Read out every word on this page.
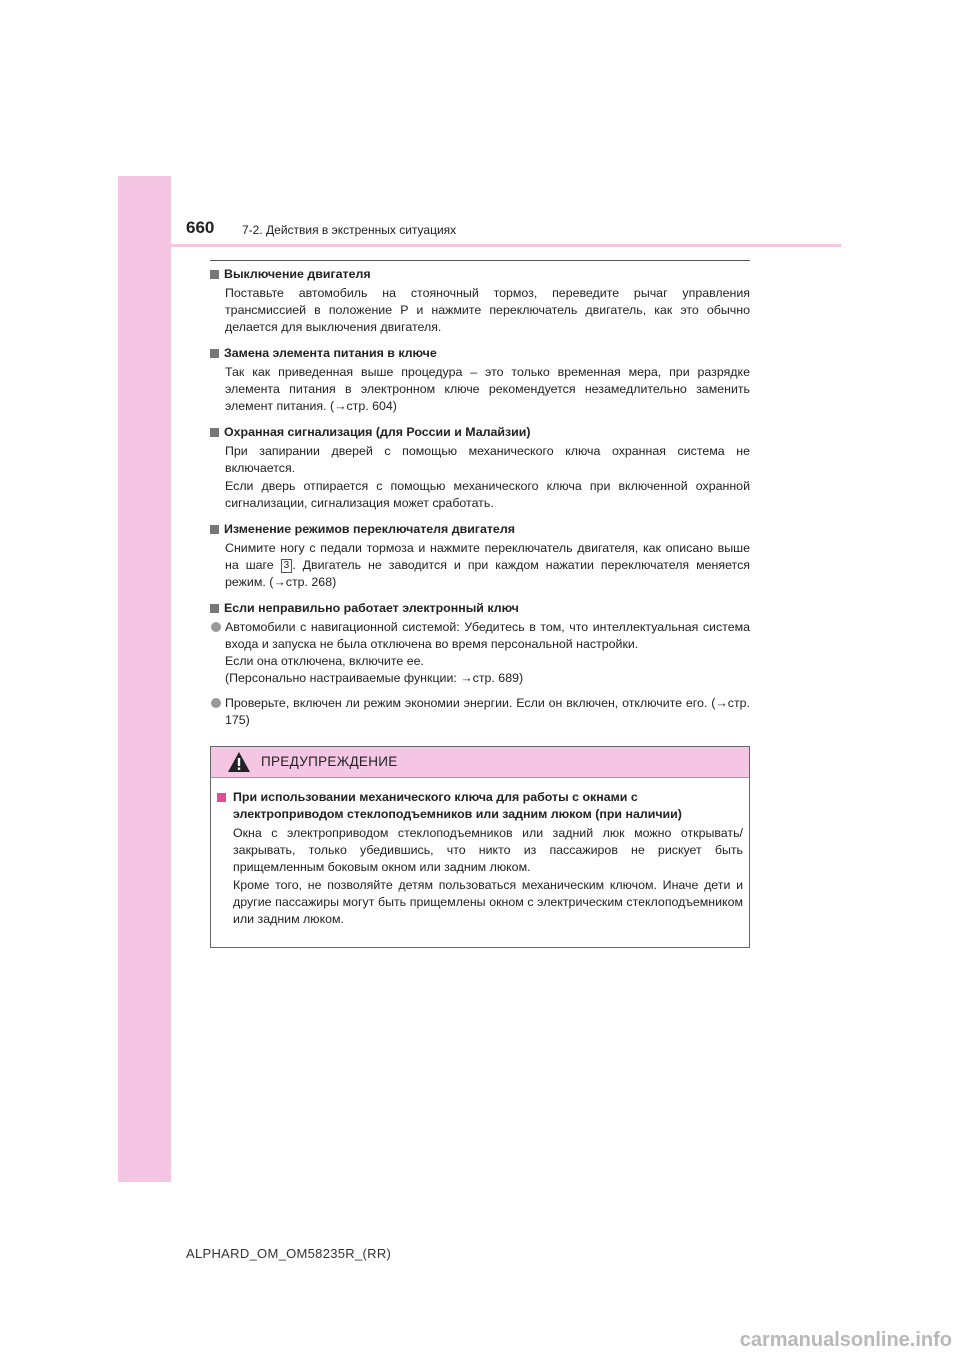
660 7-2. Действия в экстренных ситуациях
Выключение двигателя

Поставьте автомобиль на стояночный тормоз, переведите рычаг управления трансмиссией в положение P и нажмите переключатель двигатель, как это обычно делается для выключения двигателя.

Замена элемента питания в ключе

Так как приведенная выше процедура – это только временная мера, при разрядке элемента питания в электронном ключе рекомендуется незамедлительно заменить элемент питания. (→стр. 604)

Охранная сигнализация (для России и Малайзии)

При запирании дверей с помощью механического ключа охранная система не включается.

Если дверь отпирается с помощью механического ключа при включенной охранной сигнализации, сигнализация может сработать.

Изменение режимов переключателя двигателя

Снимите ногу с педали тормоза и нажмите переключатель двигателя, как описано выше на шаге 3 . Двигатель не заводится и при каждом нажатии переключателя меняется режим. (→стр. 268)

Если неправильно работает электронный ключ
Автомобили с навигационной системой: Убедитесь в том, что интеллектуальная система входа и запуска не была отключена во время персональной настройки.
Если она отключена, включите ее.
(Персонально настраиваемые функции: →стр. 689)
Проверьте, включен ли режим экономии энергии. Если он включен, отключите его. (→стр. 175)
ПРЕДУПРЕЖДЕНИЕ
При использовании механического ключа для работы с окнами с электроприводом стеклоподъемников или задним люком (при наличии)

Окна с электроприводом стеклоподъемников или задний люк можно открывать/закрывать, только убедившись, что никто из пассажиров не рискует быть прищемленным боковым окном или задним люком.

Кроме того, не позволяйте детям пользоваться механическим ключом. Иначе дети и другие пассажиры могут быть прищемлены окном с электрическим стеклоподъемником или задним люком.

ALPHARD_OM_OM58235R_(RR)
carmanualsonline.info
